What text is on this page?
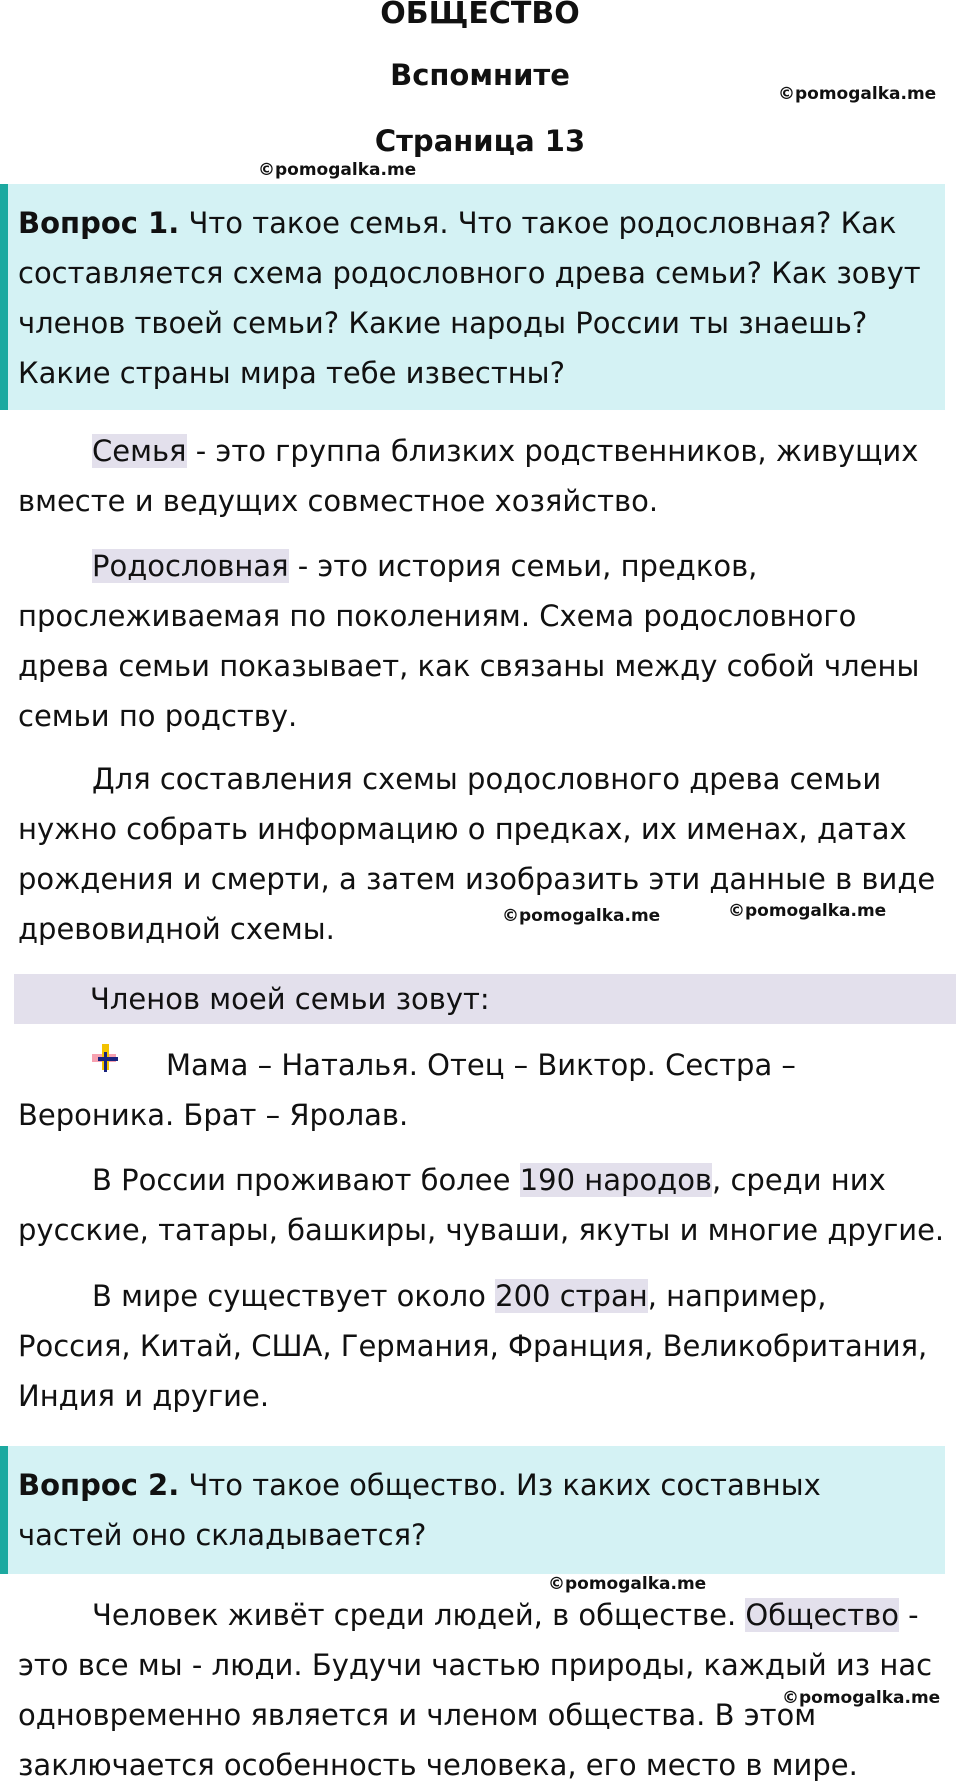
ОБЩЕСТВО
Вспомните
Страница 13
©pomogalka.me
©pomogalka.me
Вопрос 1. Что такое семья. Что такое родословная? Как составляется схема родословного древа семьи? Как зовут членов твоей семьи? Какие народы России ты знаешь? Какие страны мира тебе известны?
Семья - это группа близких родственников, живущих вместе и ведущих совместное хозяйство.
Родословная - это история семьи, предков, прослеживаемая по поколениям. Схема родословного древа семьи показывает, как связаны между собой члены семьи по родству.
Для составления схемы родословного древа семьи нужно собрать информацию о предках, их именах, датах рождения и смерти, а затем изобразить эти данные в виде древовидной схемы.	©pomogalka.me	©pomogalka.me
Членов моей семьи зовут:
Мама – Наталья. Отец – Виктор. Сестра – Вероника. Брат – Яролав.
В России проживают более 190 народов, среди них русские, татары, башкиры, чуваши, якуты и многие другие.
В мире существует около 200 стран, например, Россия, Китай, США, Германия, Франция, Великобритания, Индия и другие.
Вопрос 2. Что такое общество. Из каких составных частей оно складывается?
©pomogalka.me
Человек живёт среди людей, в обществе. Общество - это все мы - люди. Будучи частью природы, каждый из нас одновременно является и членом общества. В этом заключается особенность человека, его место в мире.
©pomogalka.me
